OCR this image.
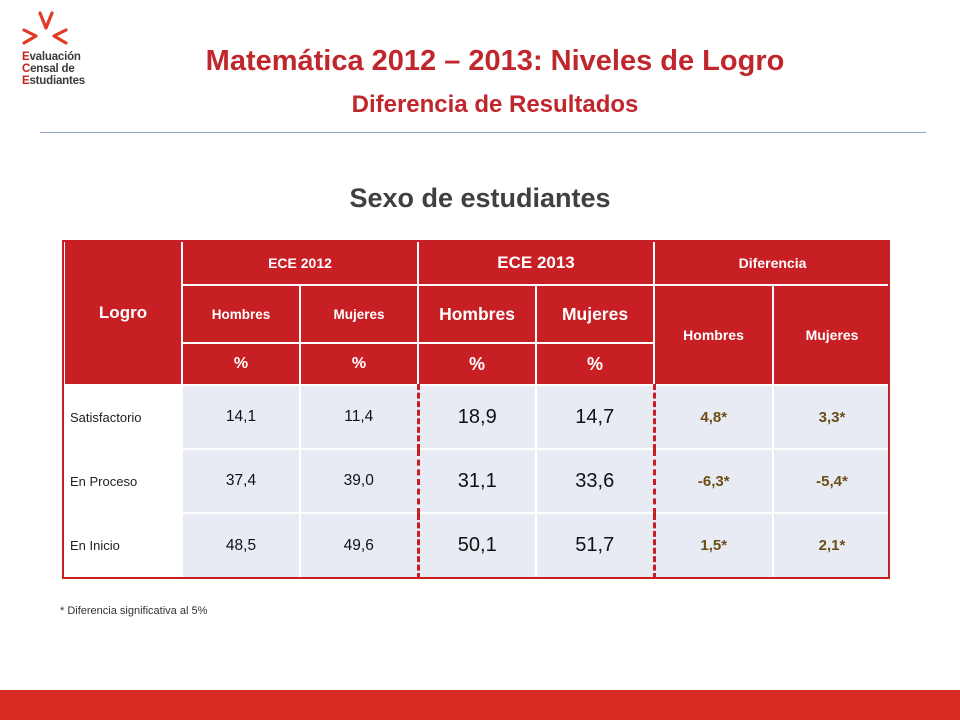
Evaluación
Censal de
Estudiantes
Matemática 2012 – 2013: Niveles de Logro
Diferencia de Resultados
Sexo de estudiantes
Logro	ECE 2012		ECE 2013		Diferencia	
	Hombres	Mujeres	Hombres	Mujeres	Hombres	Mujeres
	%	%	%	%		
Satisfactorio	14,1	11,4	18,9	14,7	4,8*	3,3*
En Proceso	37,4	39,0	31,1	33,6	-6,3*	-5,4*
En Inicio	48,5	49,6	50,1	51,7	1,5*	2,1*
* Diferencia significativa al 5%
